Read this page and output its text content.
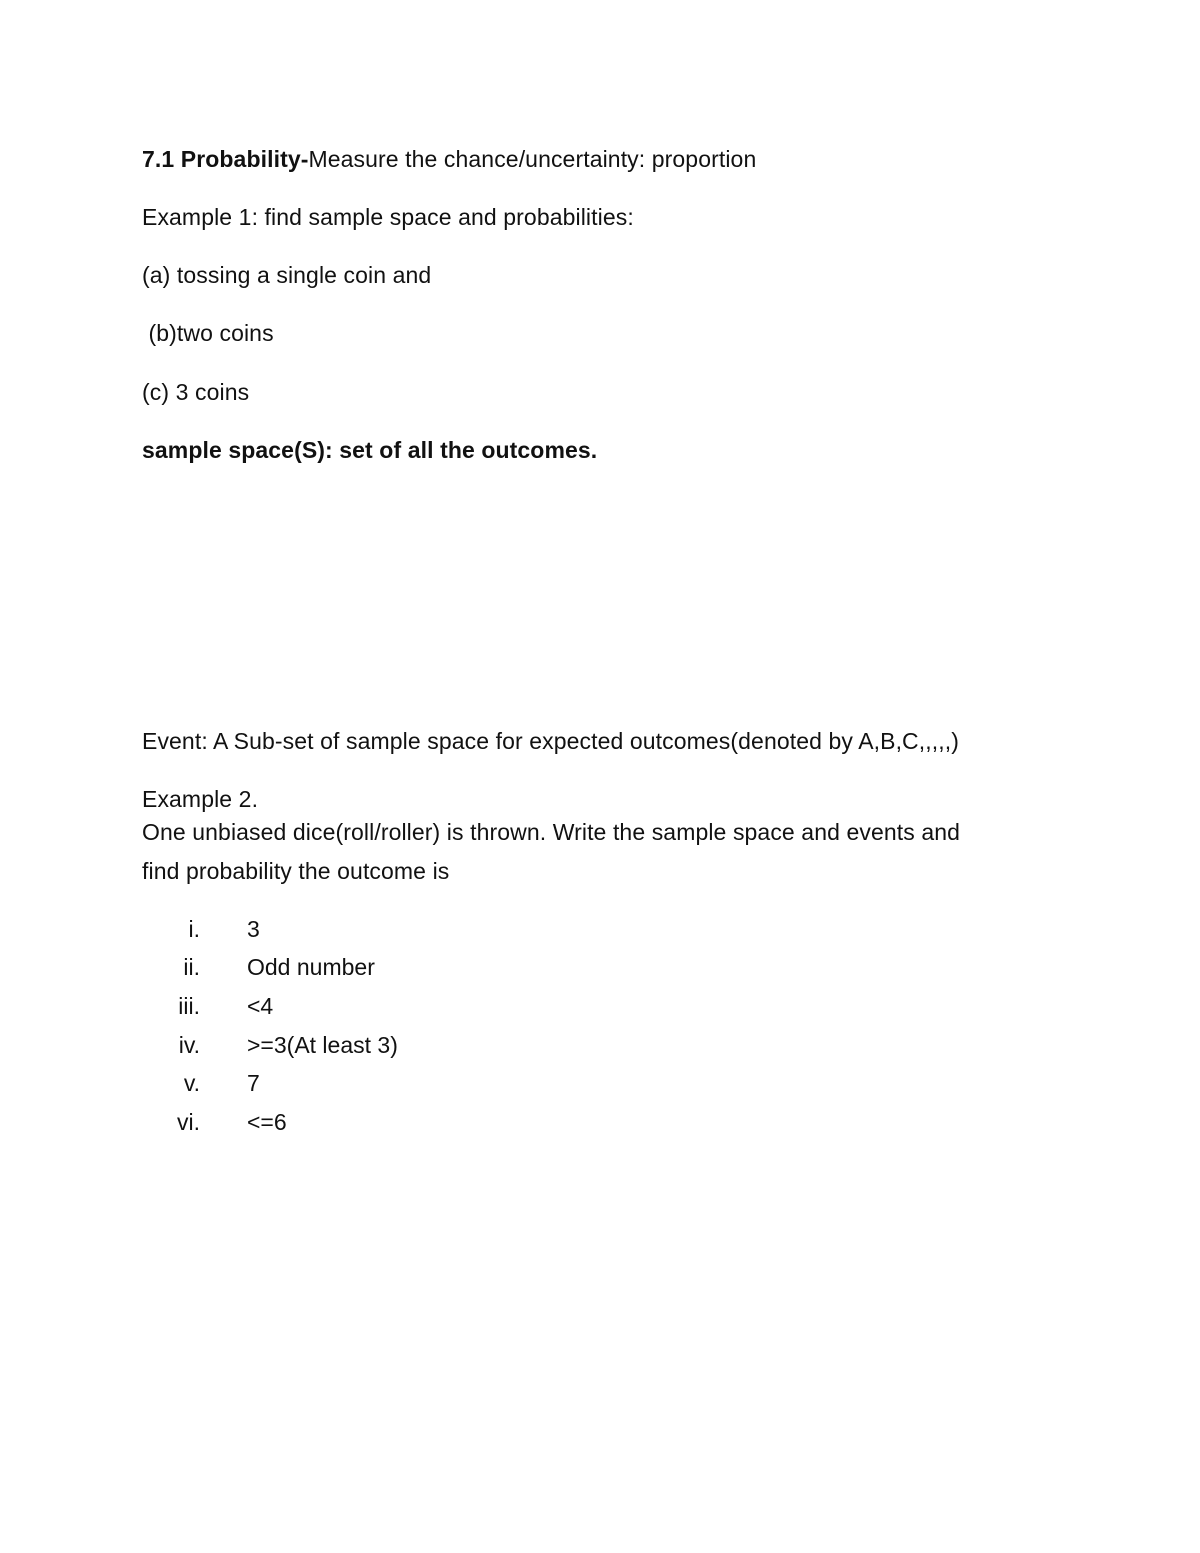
7.1 Probability-Measure the chance/uncertainty: proportion
Example 1: find sample space and probabilities:
(a) tossing a single coin and
(b)two coins
(c) 3 coins
sample space(S): set of all the outcomes.
Event: A Sub-set of sample space for expected outcomes(denoted by A,B,C,,,,,)
Example 2.
One unbiased dice(roll/roller) is thrown. Write the sample space and events and
find probability the outcome is
i. 3
ii. Odd number
iii. <4
iv. >=3(At least 3)
v. 7
vi. <=6
